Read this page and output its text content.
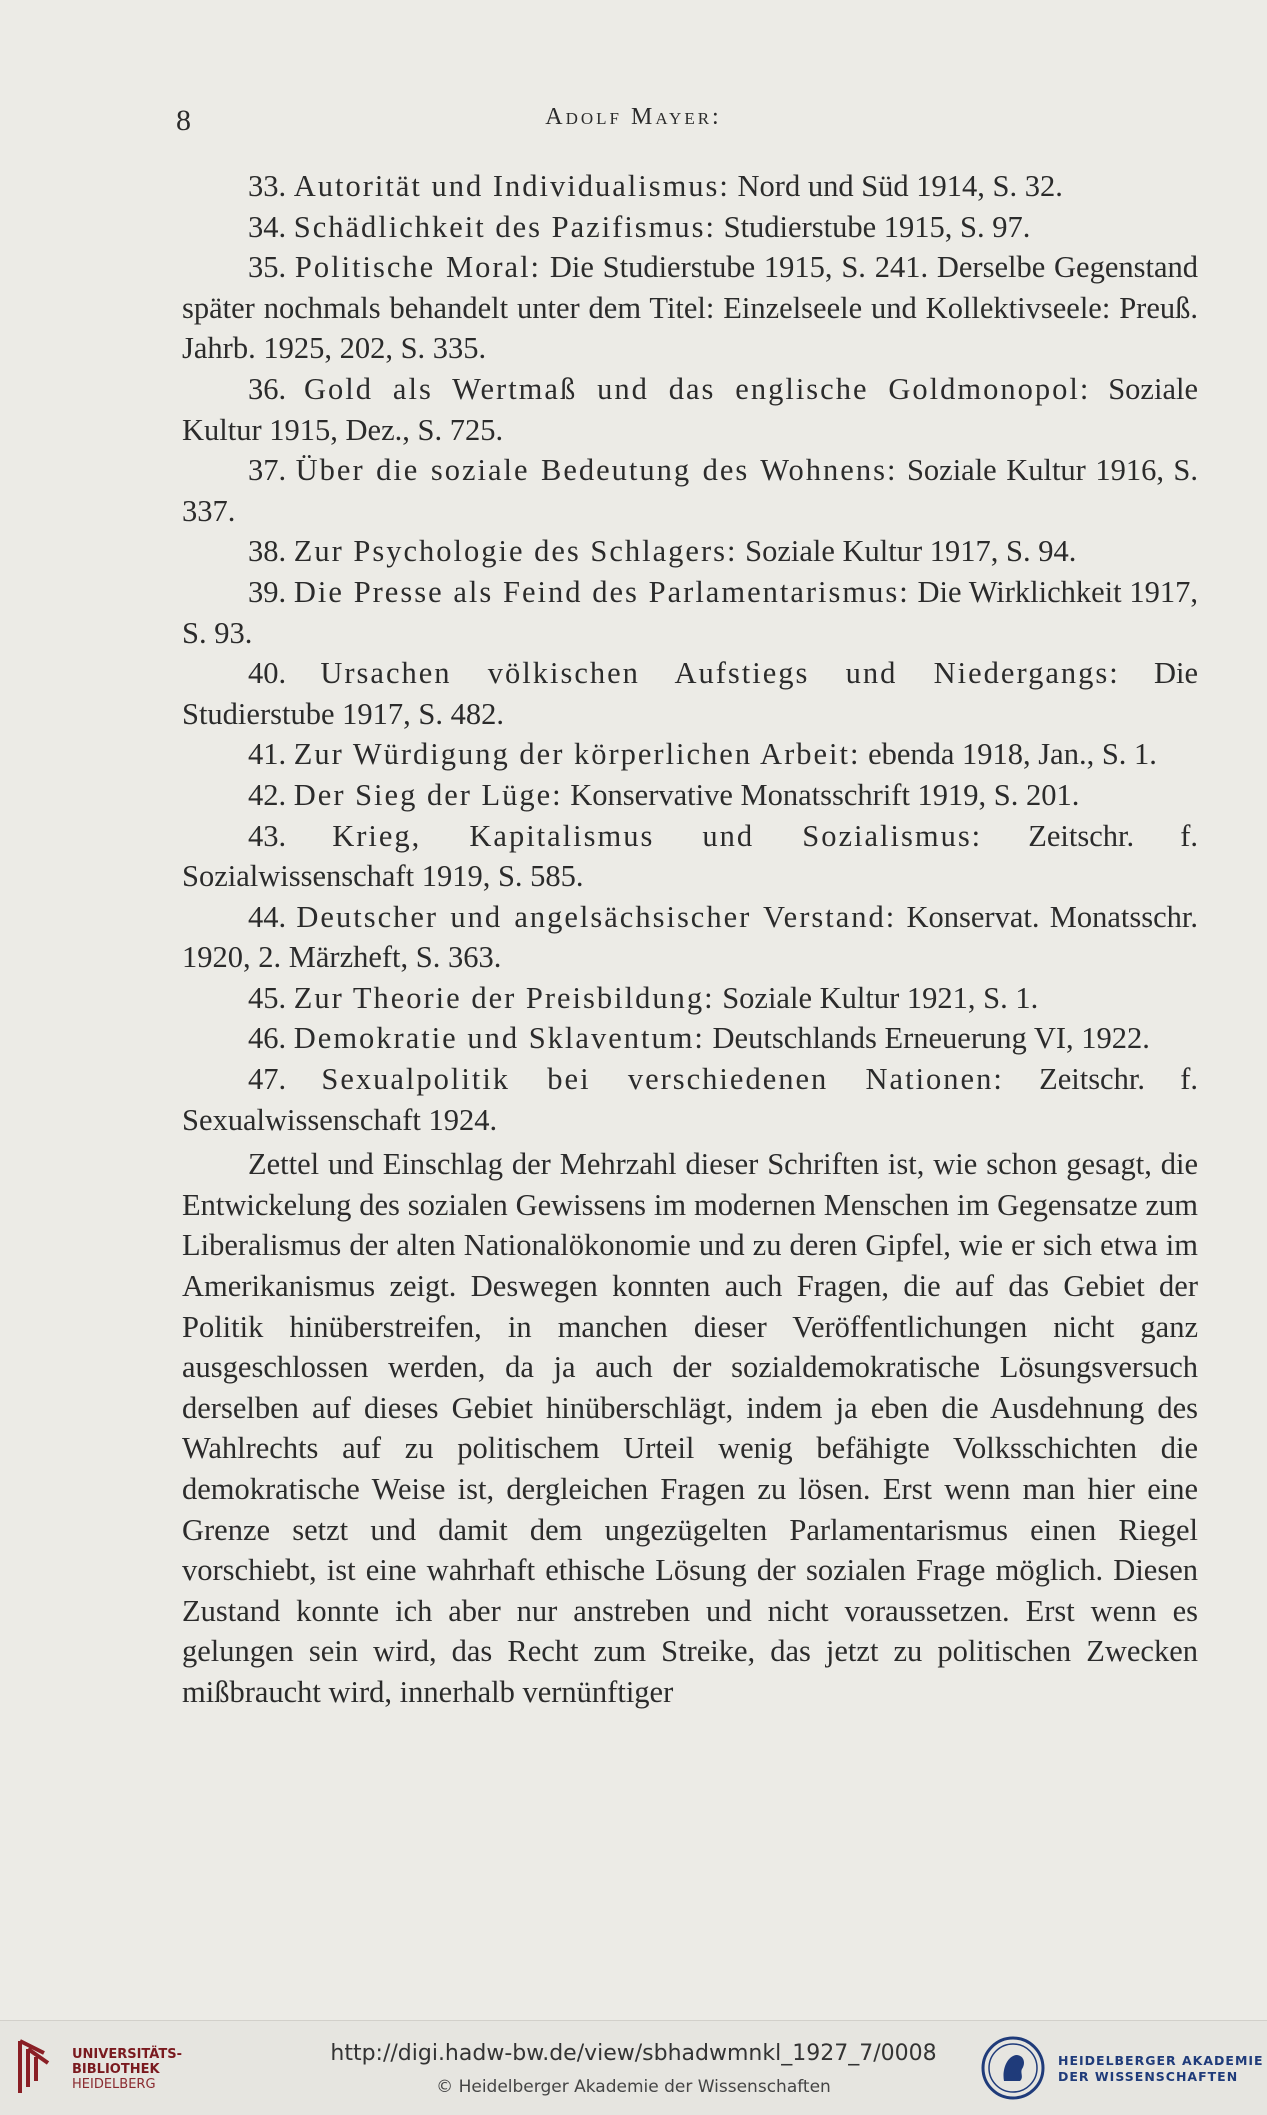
8	Adolf Mayer:

33. Autorität und Individualismus: Nord und Süd 1914, S. 32.

34. Schädlichkeit des Pazifismus: Studierstube 1915, S. 97.

35. Politische Moral: Die Studierstube 1915, S. 241. Derselbe Gegenstand später nochmals behandelt unter dem Titel: Einzelseele und Kollektivseele: Preuß. Jahrb. 1925, 202, S. 335.

36. Gold als Wertmaß und das englische Goldmonopol: Soziale Kultur 1915, Dez., S. 725.

37. Über die soziale Bedeutung des Wohnens: Soziale Kultur 1916, S. 337.

38. Zur Psychologie des Schlagers: Soziale Kultur 1917, S. 94.

39. Die Presse als Feind des Parlamentarismus: Die Wirklichkeit 1917, S. 93.

40. Ursachen völkischen Aufstiegs und Niedergangs: Die Studierstube 1917, S. 482.

41. Zur Würdigung der körperlichen Arbeit: ebenda 1918, Jan., S. 1.

42. Der Sieg der Lüge: Konservative Monatsschrift 1919, S. 201.

43. Krieg, Kapitalismus und Sozialismus: Zeitschr. f. Sozialwissenschaft 1919, S. 585.

44. Deutscher und angelsächsischer Verstand: Konservat. Monatsschr. 1920, 2. Märzheft, S. 363.

45. Zur Theorie der Preisbildung: Soziale Kultur 1921, S. 1.

46. Demokratie und Sklaventum: Deutschlands Erneuerung VI, 1922.

47. Sexualpolitik bei verschiedenen Nationen: Zeitschr. f. Sexualwissenschaft 1924.

Zettel und Einschlag der Mehrzahl dieser Schriften ist, wie schon gesagt, die Entwickelung des sozialen Gewissens im modernen Menschen im Gegensatze zum Liberalismus der alten Nationalökonomie und zu deren Gipfel, wie er sich etwa im Amerikanismus zeigt. Deswegen konnten auch Fragen, die auf das Gebiet der Politik hinüberstreifen, in manchen dieser Veröffentlichungen nicht ganz ausgeschlossen werden, da ja auch der sozialdemokratische Lösungsversuch derselben auf dieses Gebiet hinüberschlägt, indem ja eben die Ausdehnung des Wahlrechts auf zu politischem Urteil wenig befähigte Volksschichten die demokratische Weise ist, dergleichen Fragen zu lösen. Erst wenn man hier eine Grenze setzt und damit dem ungezügelten Parlamentarismus einen Riegel vorschiebt, ist eine wahrhaft ethische Lösung der sozialen Frage möglich. Diesen Zustand konnte ich aber nur anstreben und nicht voraussetzen. Erst wenn es gelungen sein wird, das Recht zum Streike, das jetzt zu politischen Zwecken mißbraucht wird, innerhalb vernünftiger

UNIVERSITÄTS-
BIBLIOTHEK
HEIDELBERG
http://digi.hadw-bw.de/view/sbhadwmnkl_1927_7/0008
© Heidelberger Akademie der Wissenschaften
HEIDELBERGER AKADEMIE
DER WISSENSCHAFTEN
